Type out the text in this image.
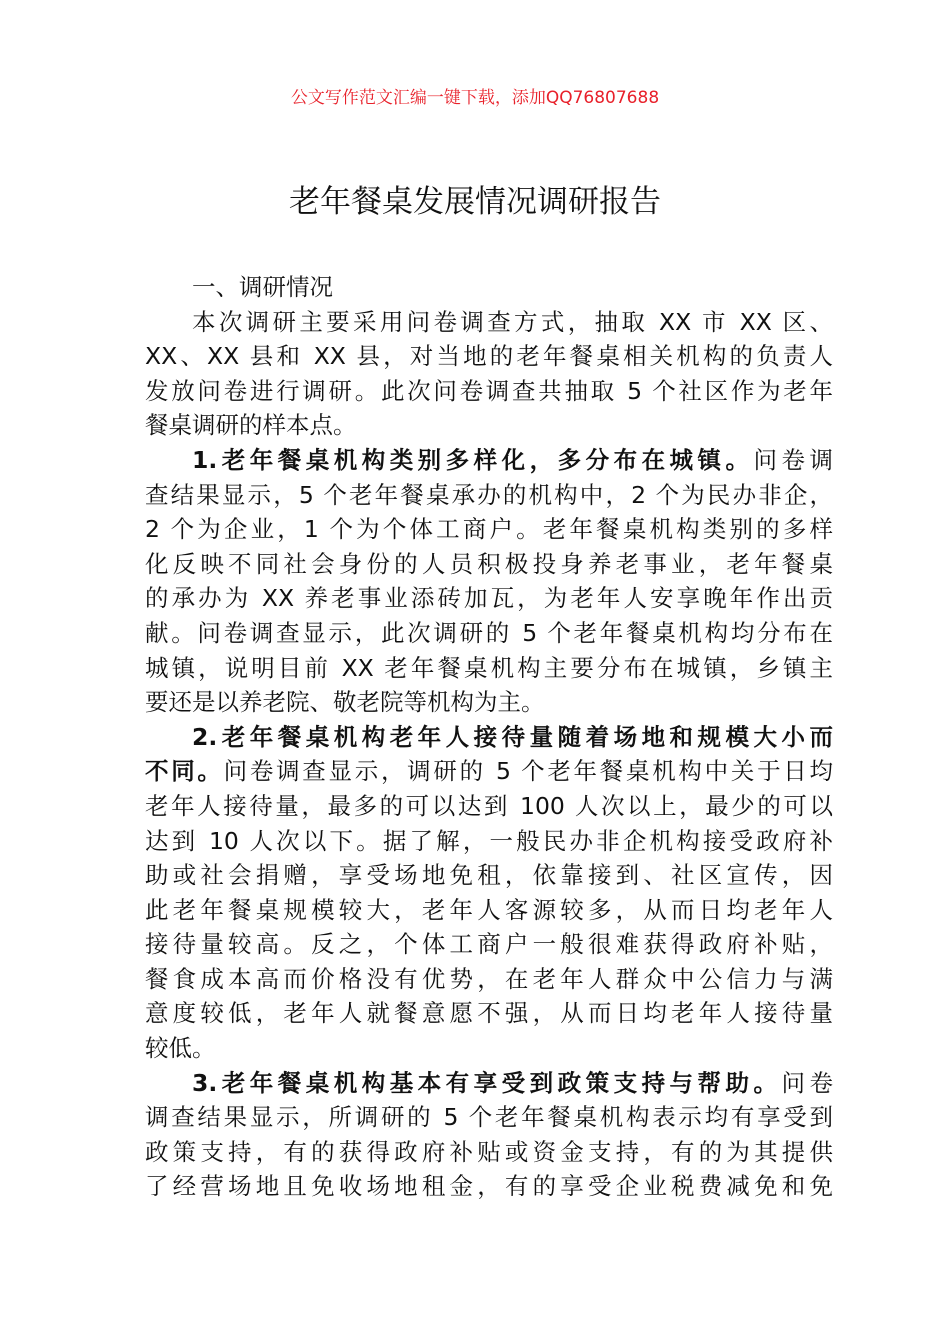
公文写作范文汇编一键下载，添加QQ76807688
老年餐桌发展情况调研报告
一、调研情况
本次调研主要采用问卷调查方式，抽取 XX 市 XX 区、
XX、XX 县和 XX 县，对当地的老年餐桌相关机构的负责人
发放问卷进行调研。此次问卷调查共抽取 5 个社区作为老年
餐桌调研的样本点。
1.老年餐桌机构类别多样化，多分布在城镇。问卷调
查结果显示，5 个老年餐桌承办的机构中，2 个为民办非企，
2 个为企业，1 个为个体工商户。老年餐桌机构类别的多样
化反映不同社会身份的人员积极投身养老事业，老年餐桌
的承办为 XX 养老事业添砖加瓦，为老年人安享晚年作出贡
献。问卷调查显示，此次调研的 5 个老年餐桌机构均分布在
城镇，说明目前 XX 老年餐桌机构主要分布在城镇，乡镇主
要还是以养老院、敬老院等机构为主。
2.老年餐桌机构老年人接待量随着场地和规模大小而
不同。问卷调查显示，调研的 5 个老年餐桌机构中关于日均
老年人接待量，最多的可以达到 100 人次以上，最少的可以
达到 10 人次以下。据了解，一般民办非企机构接受政府补
助或社会捐赠，享受场地免租，依靠接到、社区宣传，因
此老年餐桌规模较大，老年人客源较多，从而日均老年人
接待量较高。反之，个体工商户一般很难获得政府补贴，
餐食成本高而价格没有优势，在老年人群众中公信力与满
意度较低，老年人就餐意愿不强，从而日均老年人接待量
较低。
3.老年餐桌机构基本有享受到政策支持与帮助。问卷
调查结果显示，所调研的 5 个老年餐桌机构表示均有享受到
政策支持，有的获得政府补贴或资金支持，有的为其提供
了经营场地且免收场地租金，有的享受企业税费减免和免
